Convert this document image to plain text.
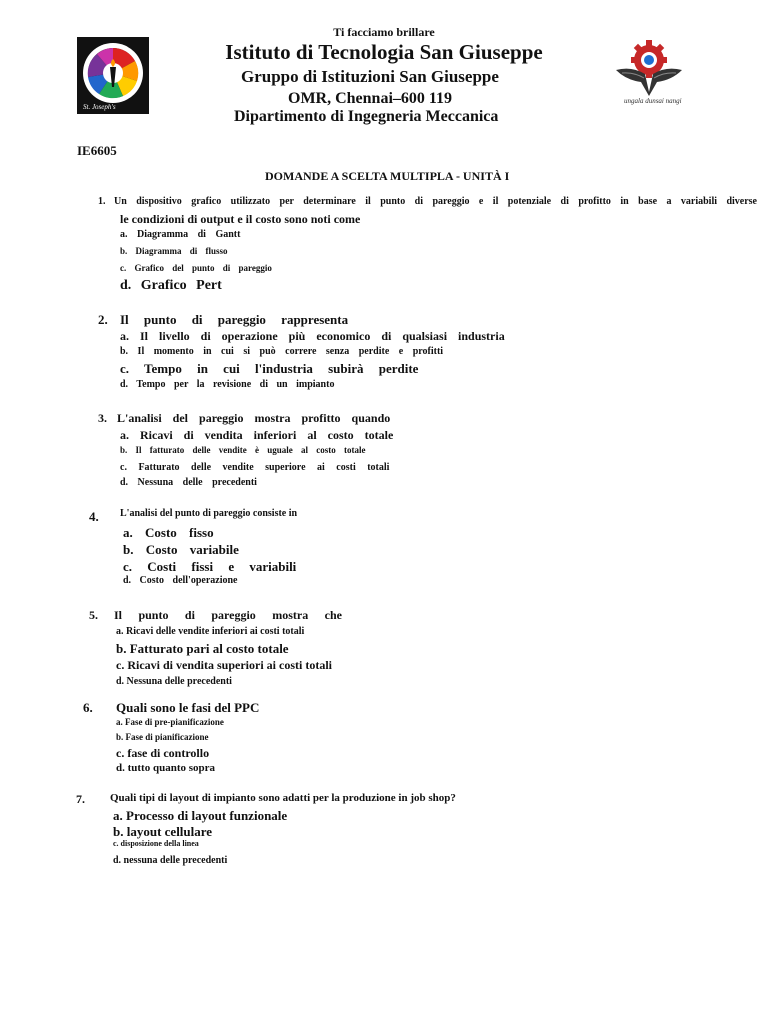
St. Joseph's
Ti facciamo brillare
Istituto di Tecnologia San Giuseppe
Gruppo di Istituzioni San Giuseppe
OMR, Chennai–600 119
Dipartimento di Ingegneria Meccanica
ungala dunsai nangi
IE6605
DOMANDE A SCELTA MULTIPLA - UNITÀ I
1. Un dispositivo grafico utilizzato per determinare il punto di pareggio e il potenziale di profitto in base a variabili diverse
le condizioni di output e il costo sono noti come
a. Diagramma di Gantt
b. Diagramma di flusso
c. Grafico del punto di pareggio
d. Grafico Pert
2. Il punto di pareggio rappresenta
a. Il livello di operazione più economico di qualsiasi industria
b. Il momento in cui si può correre senza perdite e profitti
c. Tempo in cui l'industria subirà perdite
d. Tempo per la revisione di un impianto
3. L'analisi del pareggio mostra profitto quando
a. Ricavi di vendita inferiori al costo totale
b. Il fatturato delle vendite è uguale al costo totale
c. Fatturato delle vendite superiore ai costi totali
d. Nessuna delle precedenti
4. L'analisi del punto di pareggio consiste in
a. Costo fisso
b. Costo variabile
c. Costi fissi e variabili
d. Costo dell'operazione
5. Il punto di pareggio mostra che
a. Ricavi delle vendite inferiori ai costi totali
b. Fatturato pari al costo totale
c. Ricavi di vendita superiori ai costi totali
d. Nessuna delle precedenti
6. Quali sono le fasi del PPC
a. Fase di pre-pianificazione
b. Fase di pianificazione
c. fase di controllo
d. tutto quanto sopra
7. Quali tipi di layout di impianto sono adatti per la produzione in job shop?
a. Processo di layout funzionale
b. layout cellulare
c. disposizione della linea
d. nessuna delle precedenti
